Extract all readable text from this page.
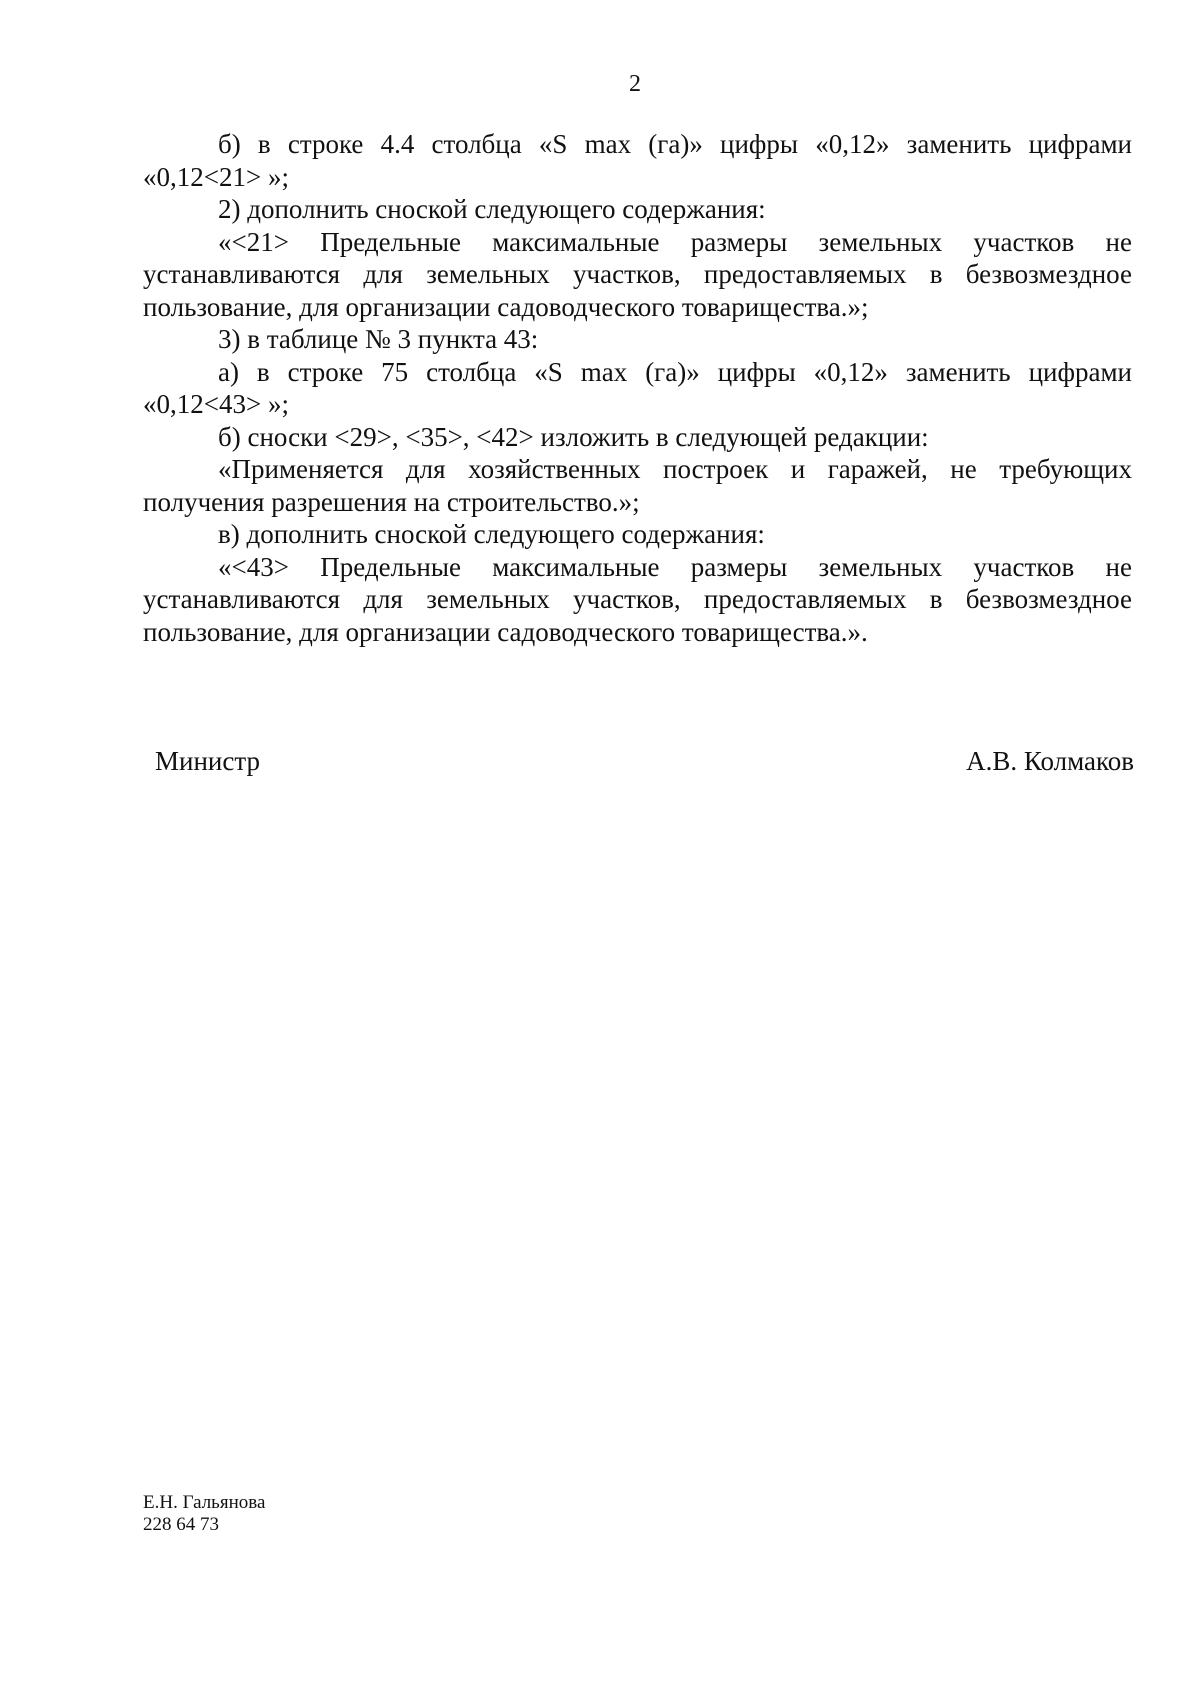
2

б) в строке 4.4 столбца «S max (га)» цифры «0,12» заменить цифрами «0,12<21> »;

2) дополнить сноской следующего содержания:

«<21> Предельные максимальные размеры земельных участков не устанавливаются для земельных участков, предоставляемых в безвозмездное пользование, для организации садоводческого товарищества.»;

3) в таблице № 3 пункта 43:

а) в строке 75 столбца «S max (га)» цифры «0,12» заменить цифрами «0,12<43> »;

б) сноски <29>, <35>, <42> изложить в следующей редакции:

«Применяется для хозяйственных построек и гаражей, не требующих получения разрешения на строительство.»;

в) дополнить сноской следующего содержания:

«<43> Предельные максимальные размеры земельных участков не устанавливаются для земельных участков, предоставляемых в безвозмездное пользование, для организации садоводческого товарищества.».

Министр	А.В. Колмаков
Е.Н. Гальянова
228 64 73
